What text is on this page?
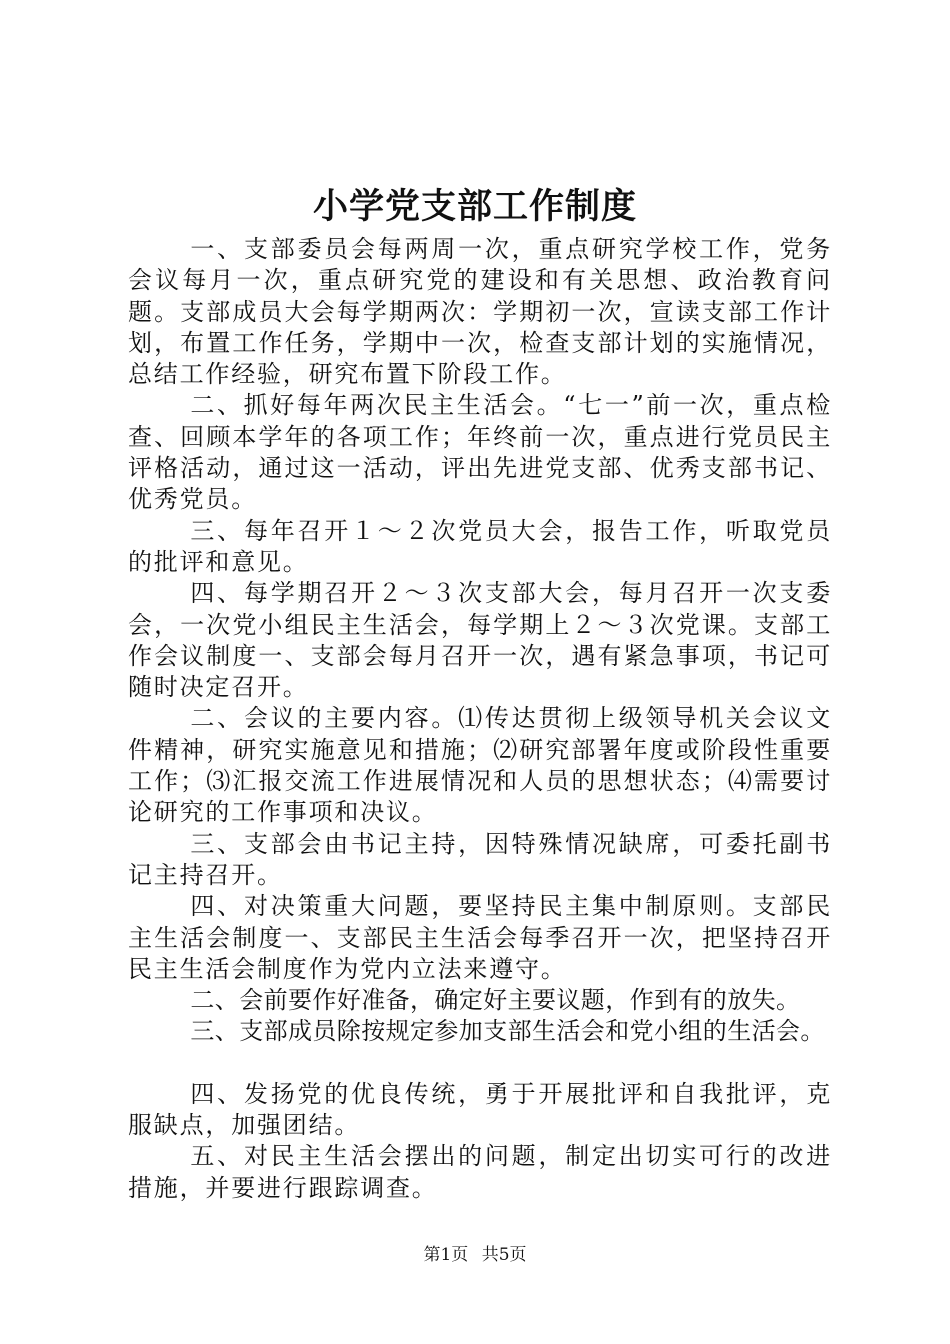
小学党支部工作制度

一、支部委员会每两周一次，重点研究学校工作，党务会议每月一次，重点研究党的建设和有关思想、政治教育问题。支部成员大会每学期两次：学期初一次，宣读支部工作计划，布置工作任务，学期中一次，检查支部计划的实施情况，总结工作经验，研究布置下阶段工作。

二、抓好每年两次民主生活会。“七一”前一次，重点检查、回顾本学年的各项工作；年终前一次，重点进行党员民主评格活动，通过这一活动，评出先进党支部、优秀支部书记、优秀党员。

三、每年召开１～２次党员大会，报告工作，听取党员的批评和意见。

四、每学期召开２～３次支部大会，每月召开一次支委会，一次党小组民主生活会，每学期上２～３次党课。支部工作会议制度一、支部会每月召开一次，遇有紧急事项，书记可随时决定召开。

二、会议的主要内容。⑴传达贯彻上级领导机关会议文件精神，研究实施意见和措施；⑵研究部署年度或阶段性重要工作；⑶汇报交流工作进展情况和人员的思想状态；⑷需要讨论研究的工作事项和决议。

三、支部会由书记主持，因特殊情况缺席，可委托副书记主持召开。

四、对决策重大问题，要坚持民主集中制原则。支部民主生活会制度一、支部民主生活会每季召开一次，把坚持召开民主生活会制度作为党内立法来遵守。

二、会前要作好准备，确定好主要议题，作到有的放失。

三、支部成员除按规定参加支部生活会和党小组的生活会。

四、发扬党的优良传统，勇于开展批评和自我批评，克服缺点，加强团结。

五、对民主生活会摆出的问题，制定出切实可行的改进措施，并要进行跟踪调查。

第1页 共5页
